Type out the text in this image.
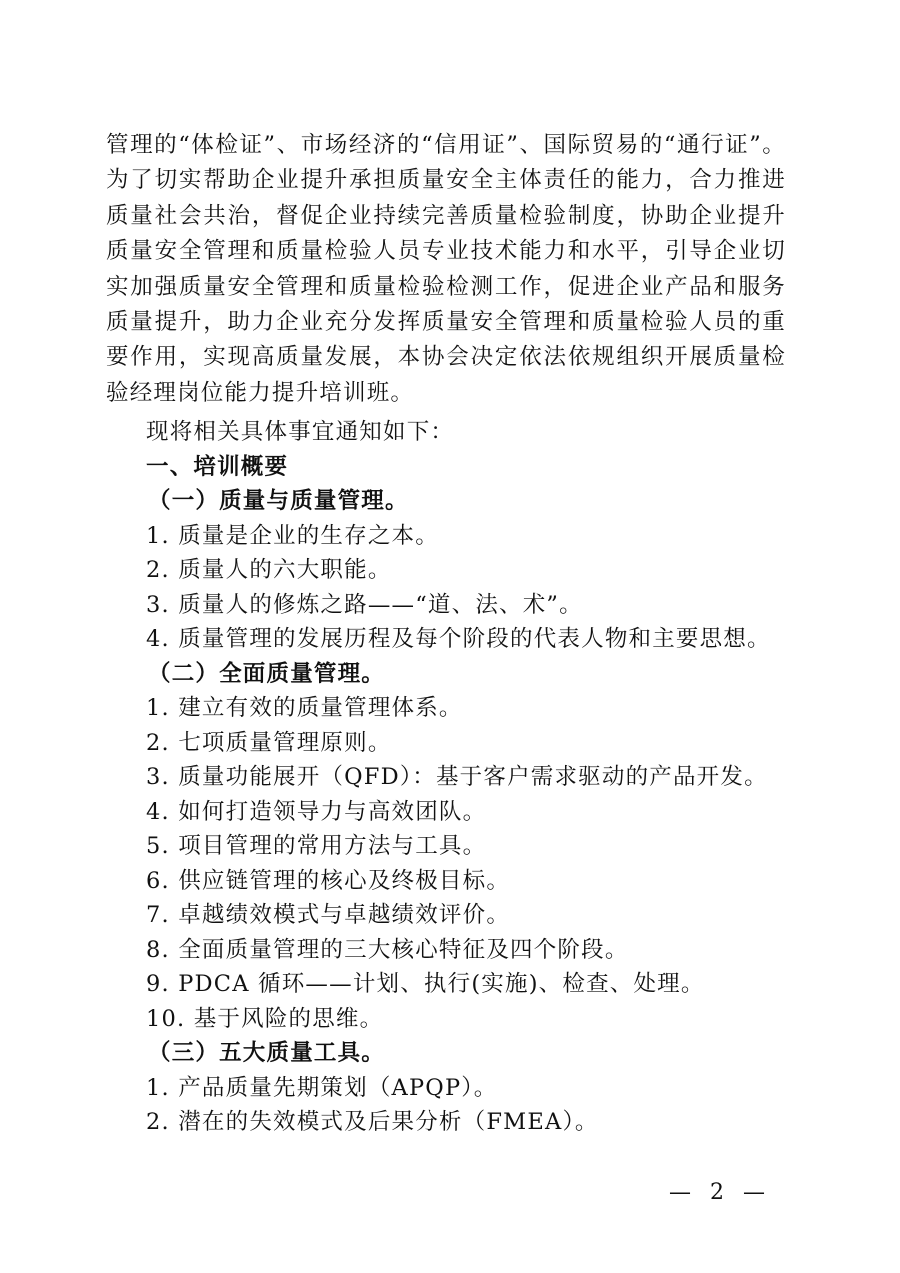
管理的“体检证”、市场经济的“信用证”、国际贸易的“通行证”。为了切实帮助企业提升承担质量安全主体责任的能力，合力推进质量社会共治，督促企业持续完善质量检验制度，协助企业提升质量安全管理和质量检验人员专业技术能力和水平，引导企业切实加强质量安全管理和质量检验检测工作，促进企业产品和服务质量提升，助力企业充分发挥质量安全管理和质量检验人员的重要作用，实现高质量发展，本协会决定依法依规组织开展质量检验经理岗位能力提升培训班。
现将相关具体事宜通知如下：
一、培训概要
（一）质量与质量管理。
1. 质量是企业的生存之本。
2. 质量人的六大职能。
3. 质量人的修炼之路——“道、法、术”。
4. 质量管理的发展历程及每个阶段的代表人物和主要思想。
（二）全面质量管理。
1. 建立有效的质量管理体系。
2. 七项质量管理原则。
3. 质量功能展开（QFD）：基于客户需求驱动的产品开发。
4. 如何打造领导力与高效团队。
5. 项目管理的常用方法与工具。
6. 供应链管理的核心及终极目标。
7. 卓越绩效模式与卓越绩效评价。
8. 全面质量管理的三大核心特征及四个阶段。
9. PDCA 循环——计划、执行(实施)、检查、处理。
10. 基于风险的思维。
（三）五大质量工具。
1. 产品质量先期策划（APQP）。
2. 潜在的失效模式及后果分析（FMEA）。
— 2 —
